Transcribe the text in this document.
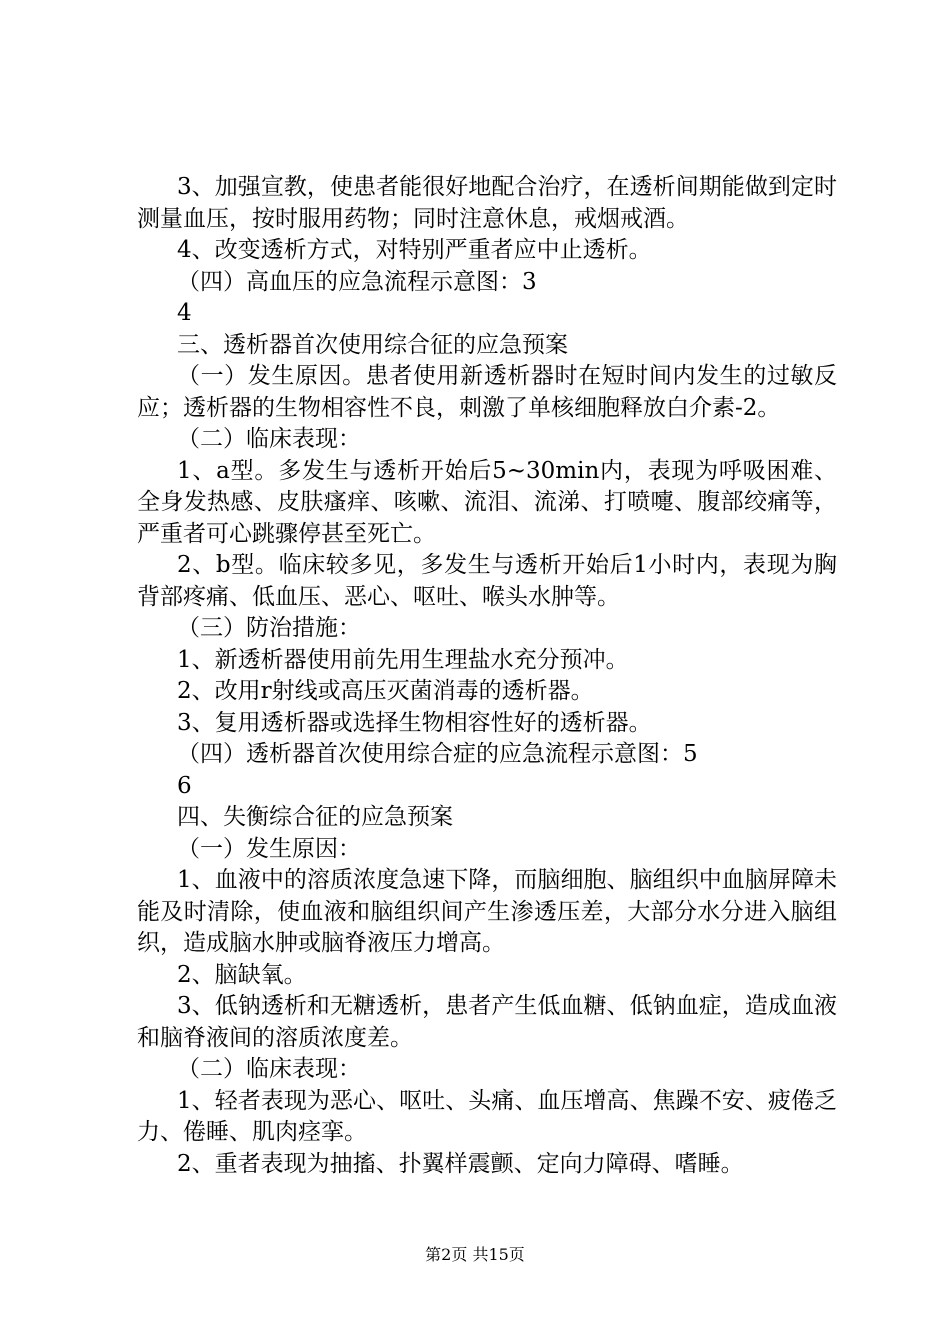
3、加强宣教，使患者能很好地配合治疗，在透析间期能做到定时测量血压，按时服用药物；同时注意休息，戒烟戒酒。

4、改变透析方式，对特别严重者应中止透析。

（四）高血压的应急流程示意图：3

4

三、透析器首次使用综合征的应急预案

（一）发生原因。患者使用新透析器时在短时间内发生的过敏反应；透析器的生物相容性不良，刺激了单核细胞释放白介素-2。

（二）临床表现：

1、a型。多发生与透析开始后5~30min内，表现为呼吸困难、全身发热感、皮肤瘙痒、咳嗽、流泪、流涕、打喷嚏、腹部绞痛等，严重者可心跳骤停甚至死亡。

2、b型。临床较多见，多发生与透析开始后1小时内，表现为胸背部疼痛、低血压、恶心、呕吐、喉头水肿等。

（三）防治措施：

1、新透析器使用前先用生理盐水充分预冲。

2、改用r射线或高压灭菌消毒的透析器。

3、复用透析器或选择生物相容性好的透析器。

（四）透析器首次使用综合症的应急流程示意图：5

6

四、失衡综合征的应急预案

（一）发生原因：

1、血液中的溶质浓度急速下降，而脑细胞、脑组织中血脑屏障未能及时清除，使血液和脑组织间产生渗透压差，大部分水分进入脑组织，造成脑水肿或脑脊液压力增高。

2、脑缺氧。

3、低钠透析和无糖透析，患者产生低血糖、低钠血症，造成血液和脑脊液间的溶质浓度差。

（二）临床表现：

1、轻者表现为恶心、呕吐、头痛、血压增高、焦躁不安、疲倦乏力、倦睡、肌肉痉挛。

2、重者表现为抽搐、扑翼样震颤、定向力障碍、嗜睡。

第2页 共15页
